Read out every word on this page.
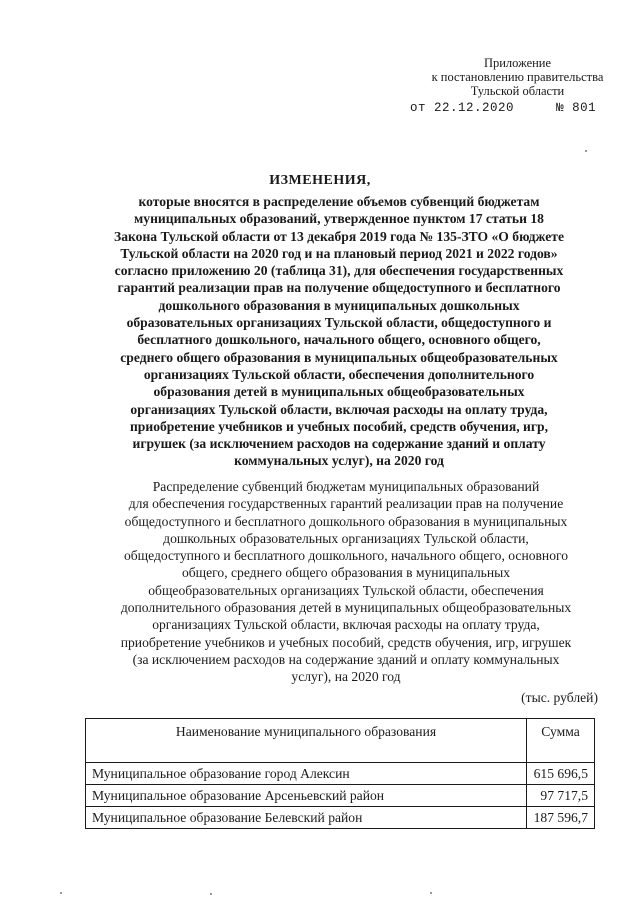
Приложение
к постановлению правительства
Тульской области
от 22.12.2020	№ 801
ИЗМЕНЕНИЯ,
которые вносятся в распределение объемов субвенций бюджетам
муниципальных образований, утвержденное пунктом 17 статьи 18
Закона Тульской области от 13 декабря 2019 года № 135-ЗТО «О бюджете
Тульской области на 2020 год и на плановый период 2021 и 2022 годов»
согласно приложению 20 (таблица 31), для обеспечения государственных
гарантий реализации прав на получение общедоступного и бесплатного
дошкольного образования в муниципальных дошкольных
образовательных организациях Тульской области, общедоступного и
бесплатного дошкольного, начального общего, основного общего,
среднего общего образования в муниципальных общеобразовательных
организациях Тульской области, обеспечения дополнительного
образования детей в муниципальных общеобразовательных
организациях Тульской области, включая расходы на оплату труда,
приобретение учебников и учебных пособий, средств обучения, игр,
игрушек (за исключением расходов на содержание зданий и оплату
коммунальных услуг), на 2020 год
Распределение субвенций бюджетам муниципальных образований
для обеспечения государственных гарантий реализации прав на получение
общедоступного и бесплатного дошкольного образования в муниципальных
дошкольных образовательных организациях Тульской области,
общедоступного и бесплатного дошкольного, начального общего, основного
общего, среднего общего образования в муниципальных
общеобразовательных организациях Тульской области, обеспечения
дополнительного образования детей в муниципальных общеобразовательных
организациях Тульской области, включая расходы на оплату труда,
приобретение учебников и учебных пособий, средств обучения, игр, игрушек
(за исключением расходов на содержание зданий и оплату коммунальных
услуг), на 2020 год
(тыс. рублей)
Наименование муниципального образования	Сумма
Муниципальное образование город Алексин	615 696,5
Муниципальное образование Арсеньевский район	97 717,5
Муниципальное образование Белевский район	187 596,7
